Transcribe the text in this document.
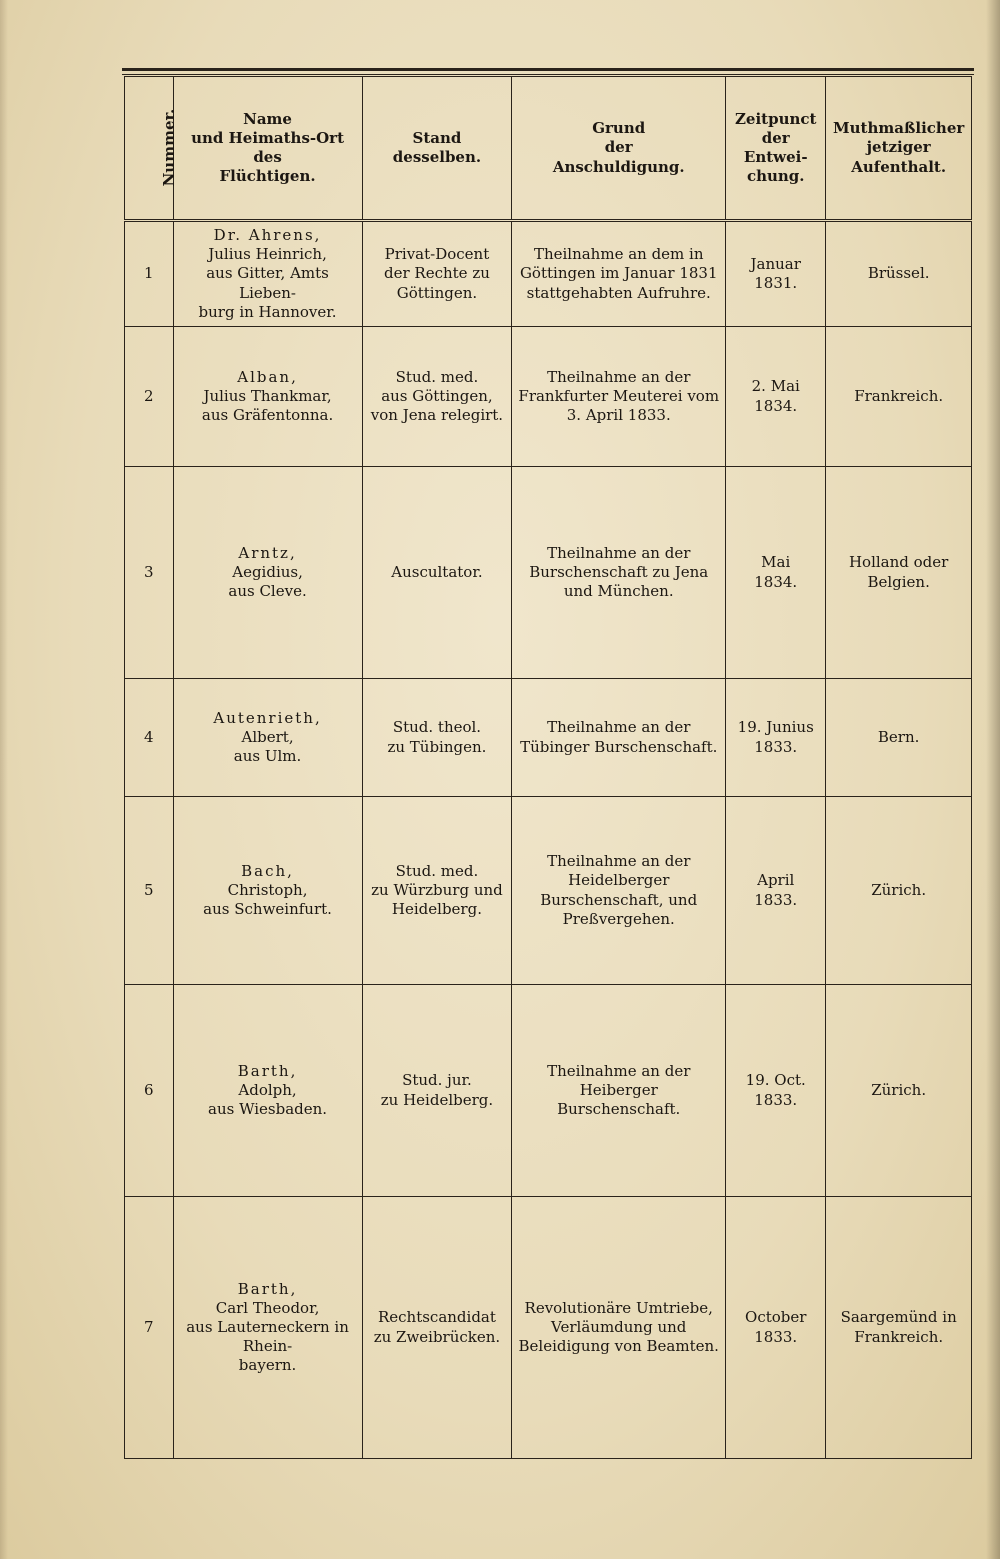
Nummer.	Name
und Heimaths-Ort
des
Flüchtigen.	Stand desselben.	Grund
der
Anschuldigung.	Zeitpunct
der
Entwei-
chung.	Muthmaßlicher
jetziger
Aufenthalt.

1	Dr. Ahrens,
Julius Heinrich,
aus Gitter, Amts Lieben-
burg in Hannover.	Privat-Docent
der Rechte zu
Göttingen.	Theilnahme an dem in Göttingen im Januar 1831 stattgehabten Aufruhre.	Januar
1831.	Brüssel.
2	Alban,
Julius Thankmar,
aus Gräfentonna.	Stud. med.
aus Göttingen,
von Jena relegirt.	Theilnahme an der Frankfurter Meuterei vom 3. April 1833.	2. Mai
1834.	Frankreich.
3	Arntz,
Aegidius,
aus Cleve.	Auscultator.	Theilnahme an der Burschenschaft zu Jena und München.	Mai
1834.	Holland oder Belgien.
4	Autenrieth,
Albert,
aus Ulm.	Stud. theol.
zu Tübingen.	Theilnahme an der Tübinger Burschenschaft.	19. Junius
1833.	Bern.
5	Bach,
Christoph,
aus Schweinfurt.	Stud. med.
zu Würzburg und
Heidelberg.	Theilnahme an der Heidelberger Burschenschaft, und Preßvergehen.	April
1833.	Zürich.
6	Barth,
Adolph,
aus Wiesbaden.	Stud. jur.
zu Heidelberg.	Theilnahme an der Heiberger Burschenschaft.	19. Oct.
1833.	Zürich.
7	Barth,
Carl Theodor,
aus Lauterneckern in Rhein-
bayern.	Rechtscandidat
zu Zweibrücken.	Revolutionäre Umtriebe, Verläumdung und Beleidigung von Beamten.	October
1833.	Saargemünd in Frankreich.
